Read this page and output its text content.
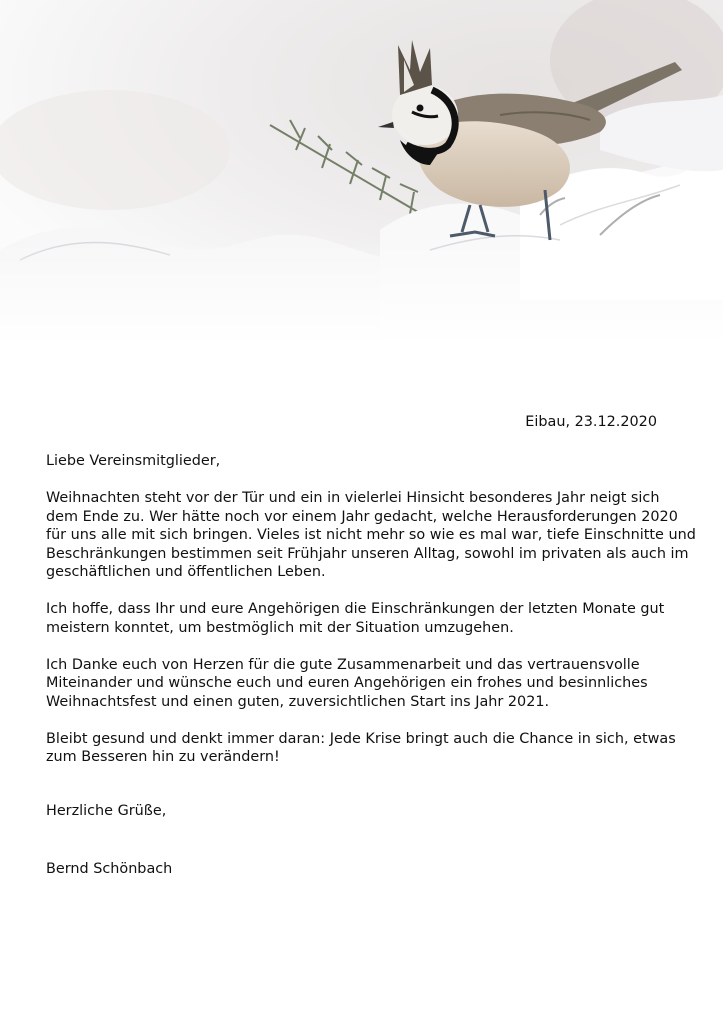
Eibau, 23.12.2020

Liebe Vereinsmitglieder,

Weihnachten steht vor der Tür und ein in vielerlei Hinsicht besonderes Jahr neigt sich dem Ende zu. Wer hätte noch vor einem Jahr gedacht, welche Herausforderungen 2020 für uns alle mit sich bringen. Vieles ist nicht mehr so wie es mal war, tiefe Einschnitte und Beschränkungen bestimmen seit Frühjahr unseren Alltag, sowohl im privaten als auch im geschäftlichen und öffentlichen Leben.

Ich hoffe, dass Ihr und eure Angehörigen die Einschränkungen der letzten Monate gut meistern konntet, um bestmöglich mit der Situation umzugehen.

Ich Danke euch von Herzen für die gute Zusammenarbeit und das vertrauensvolle Miteinander und wünsche euch und euren Angehörigen ein frohes und besinnliches Weihnachtsfest und einen guten, zuversichtlichen Start ins Jahr 2021.

Bleibt gesund und denkt immer daran: Jede Krise bringt auch die Chance in sich, etwas zum Besseren hin zu verändern!

Herzliche Grüße,

Bernd Schönbach
